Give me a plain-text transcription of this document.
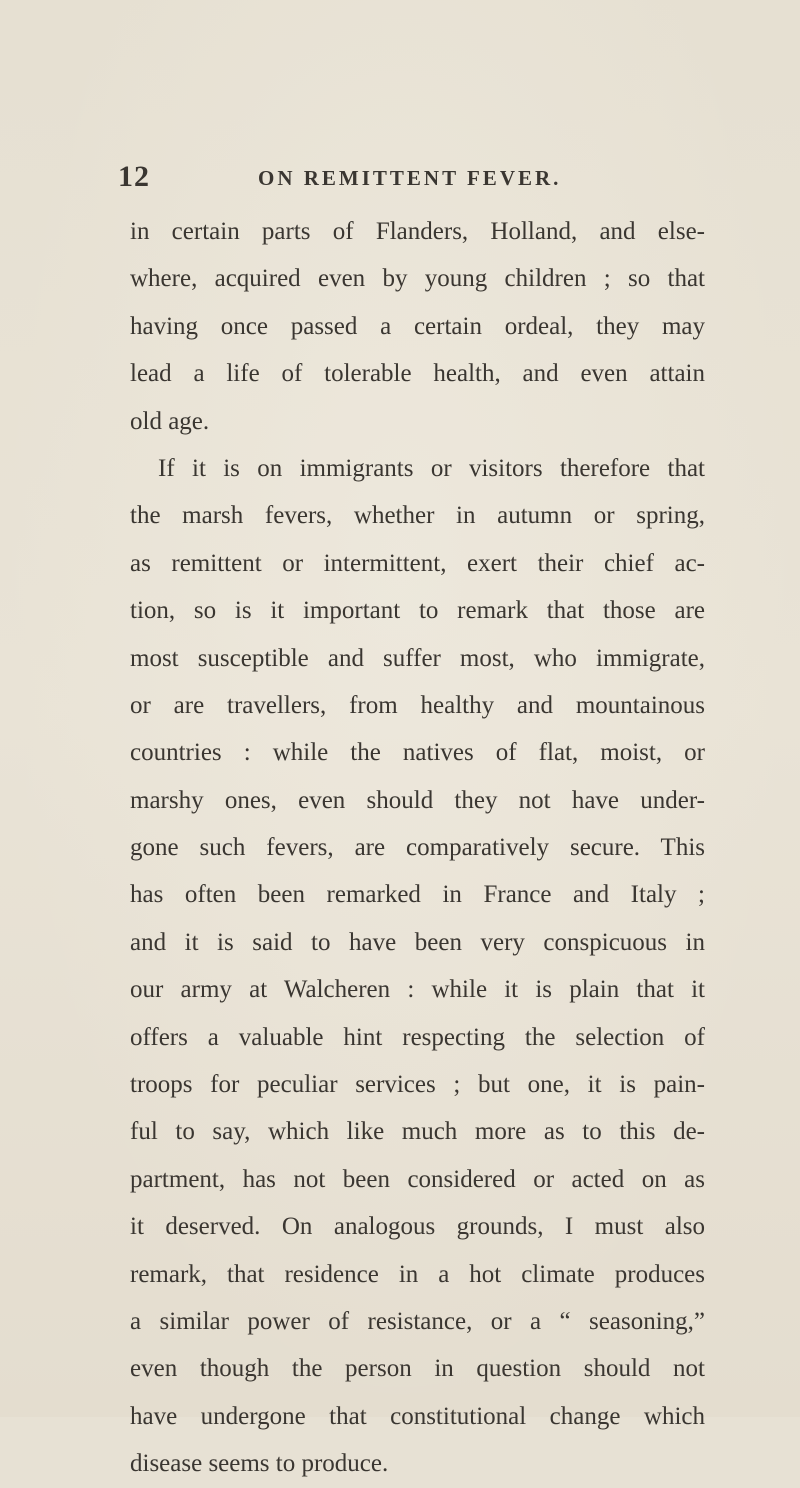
12	ON REMITTENT FEVER.
in certain parts of Flanders, Holland, and else-
where, acquired even by young children ; so that
having once passed a certain ordeal, they may
lead a life of tolerable health, and even attain
old age.
If it is on immigrants or visitors therefore that
the marsh fevers, whether in autumn or spring,
as remittent or intermittent, exert their chief ac-
tion, so is it important to remark that those are
most susceptible and suffer most, who immigrate,
or are travellers, from healthy and mountainous
countries : while the natives of flat, moist, or
marshy ones, even should they not have under-
gone such fevers, are comparatively secure. This
has often been remarked in France and Italy ;
and it is said to have been very conspicuous in
our army at Walcheren : while it is plain that it
offers a valuable hint respecting the selection of
troops for peculiar services ; but one, it is pain-
ful to say, which like much more as to this de-
partment, has not been considered or acted on as
it deserved. On analogous grounds, I must also
remark, that residence in a hot climate produces
a similar power of resistance, or a “ seasoning,”
even though the person in question should not
have undergone that constitutional change which
disease seems to produce.
